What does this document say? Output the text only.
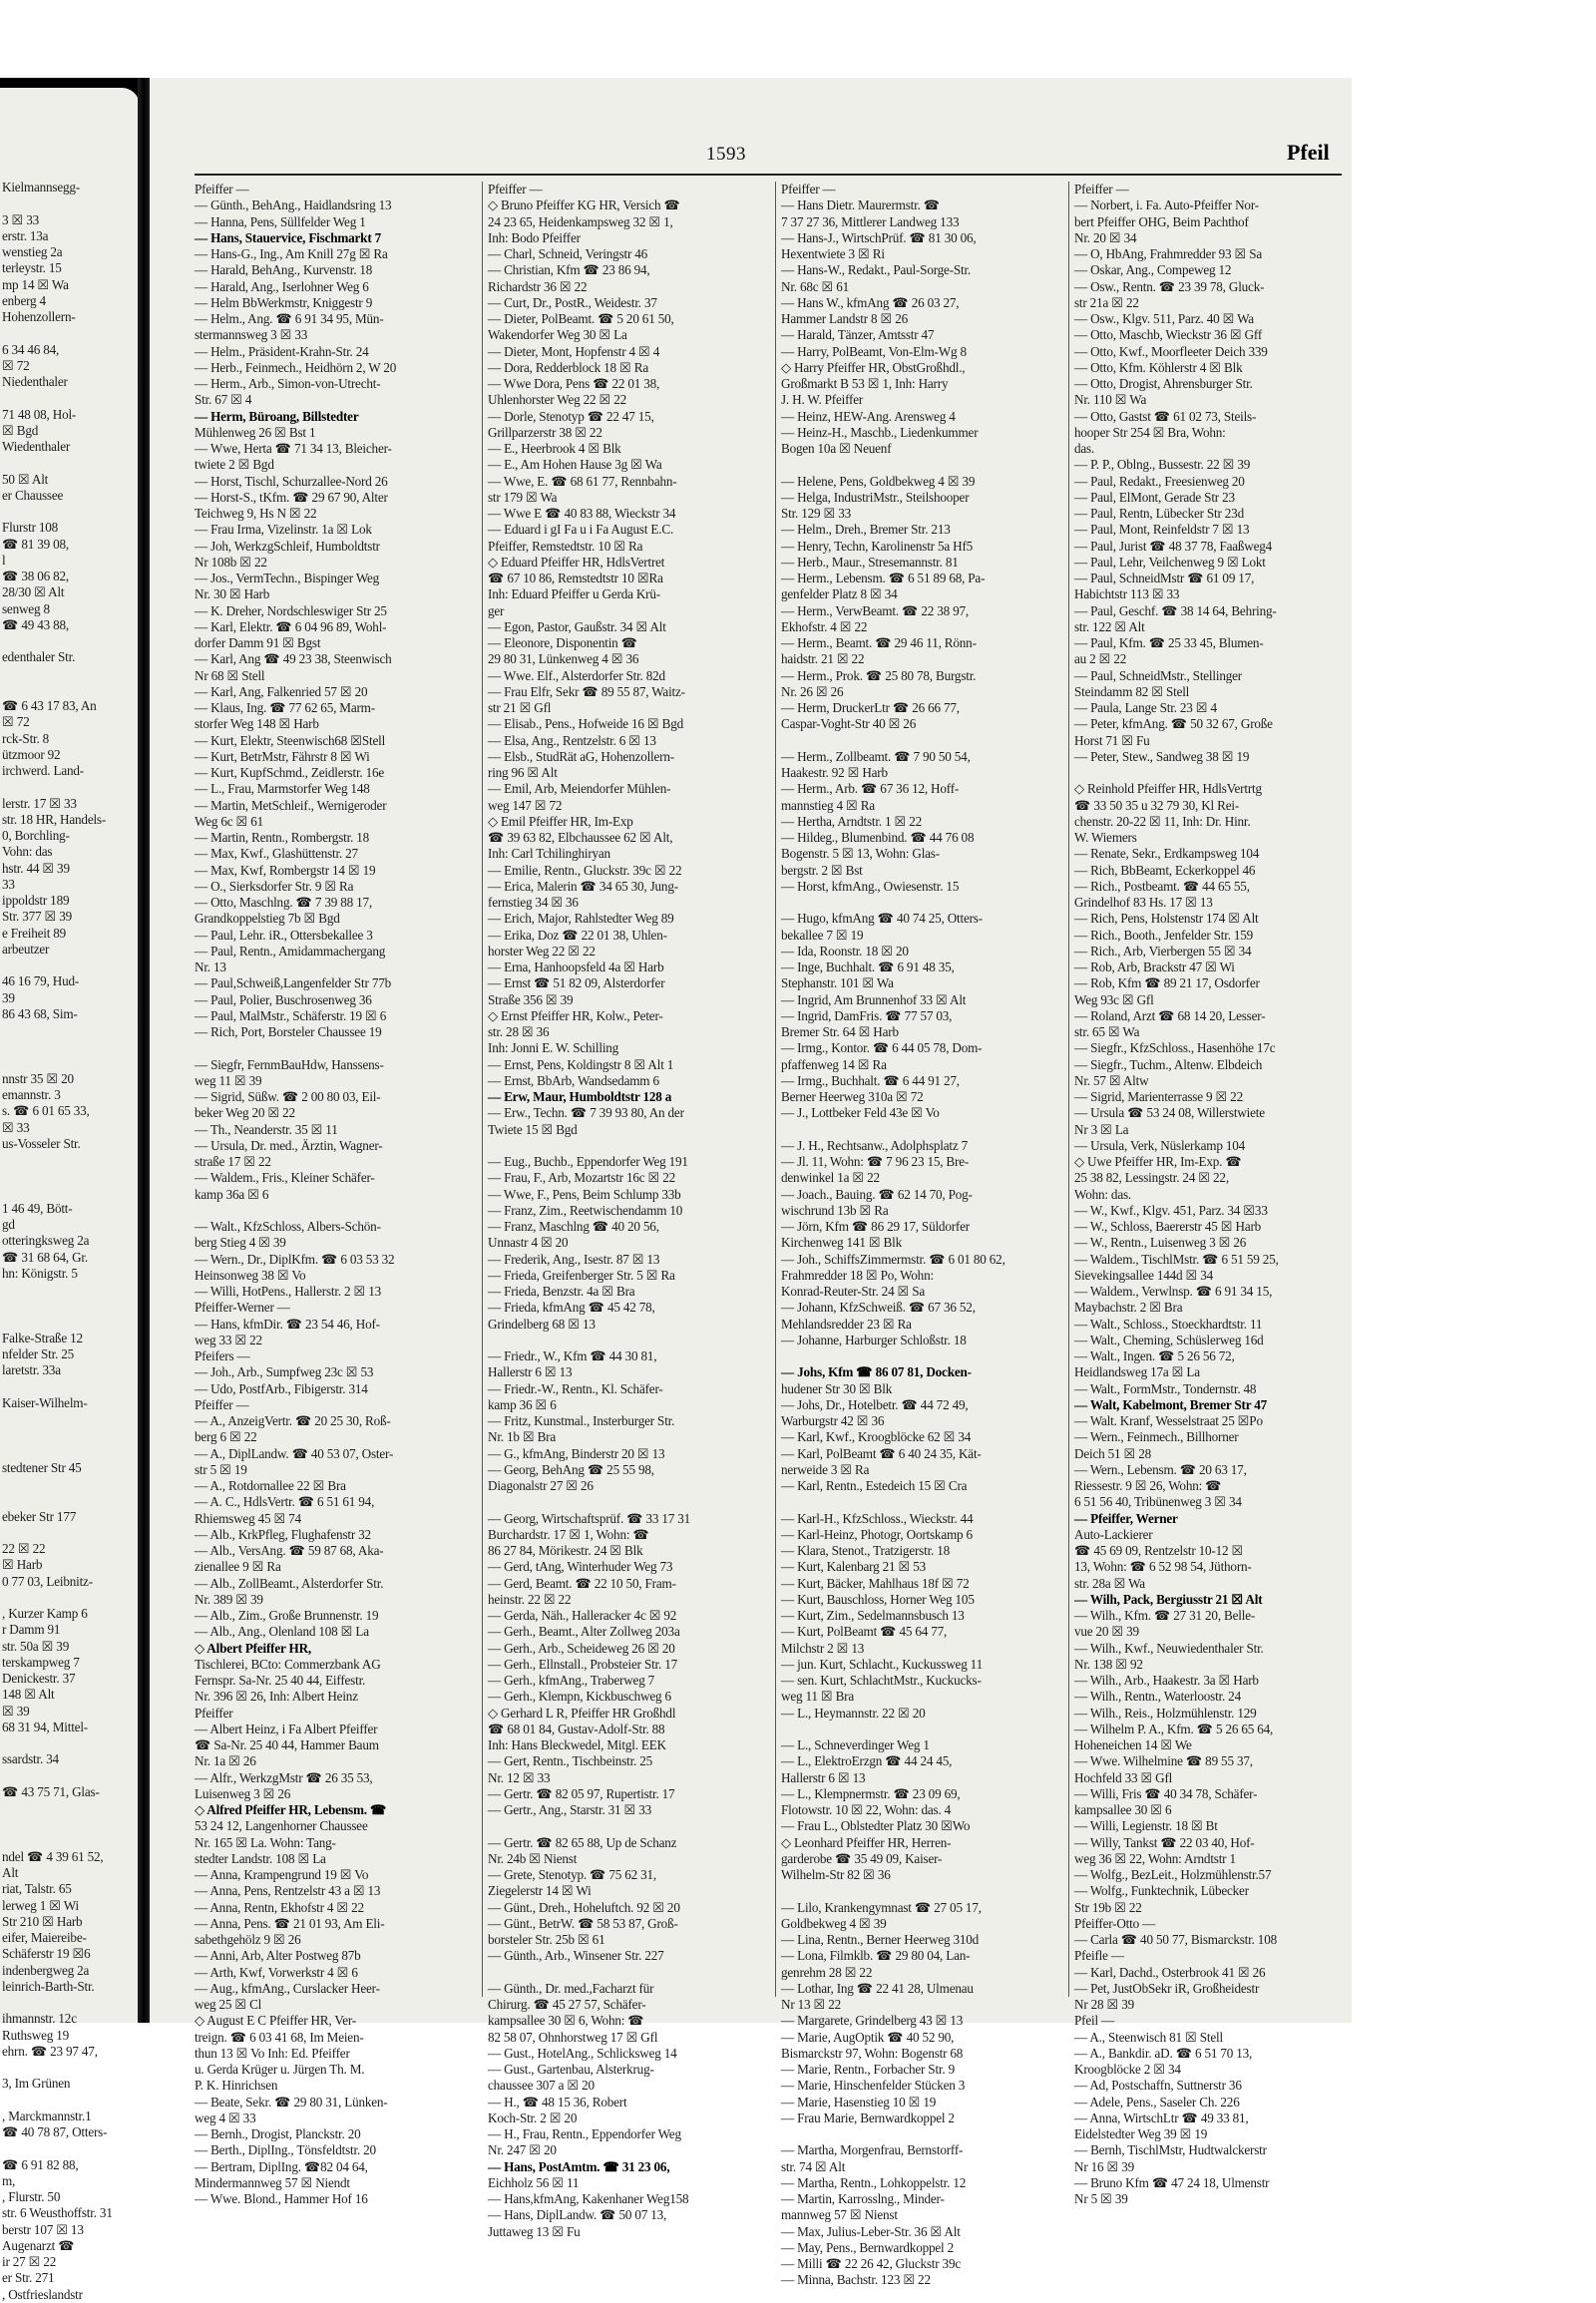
Kielmannsegg-

3 ☒ 33
erstr. 13a
wenstieg 2a
terleystr. 15
mp 14 ☒ Wa
enberg 4
Hohenzollern-

6 34 46 84,
☒ 72
Niedenthaler

71 48 08, Hol-
☒ Bgd
Wiedenthaler

50 ☒ Alt
er Chaussee

Flurstr 108
☎ 81 39 08,
l
☎ 38 06 82,
28/30 ☒ Alt
senweg 8
☎ 49 43 88,

edenthaler Str.

☎ 6 43 17 83, An
☒ 72
rck-Str. 8
ützmoor 92
irchwerd. Land-

lerstr. 17 ☒ 33
str. 18 HR, Handels-
0, Borchling-
Vohn: das
hstr. 44 ☒ 39
33
ippoldstr 189
Str. 377 ☒ 39
e Freiheit 89
arbeutzer

46 16 79, Hud-
39
86 43 68, Sim-

nnstr 35 ☒ 20
emannstr. 3
s. ☎ 6 01 65 33,
☒ 33
us-Vosseler Str.

1 46 49, Bött-
gd
otteringksweg 2a
☎ 31 68 64, Gr.
hn: Königstr. 5

Falke-Straße 12
nfelder Str. 25
laretstr. 33a

Kaiser-Wilhelm-

stedtener Str 45

ebeker Str 177

22 ☒ 22
☒ Harb
0 77 03, Leibnitz-

, Kurzer Kamp 6
r Damm 91
str. 50a ☒ 39
terskampweg 7
Denickestr. 37
148 ☒ Alt
☒ 39
68 31 94, Mittel-

ssardstr. 34

☎ 43 75 71, Glas-

ndel ☎ 4 39 61 52,
Alt
riat, Talstr. 65
lerweg 1 ☒ Wi
Str 210 ☒ Harb
eifer, Maiereibe-
Schäferstr 19 ☒6
indenbergweg 2a
leinrich-Barth-Str.

ihmannstr. 12c
Ruthsweg 19
ehrn. ☎ 23 97 47,

3, Im Grünen

, Marckmannstr.1
☎ 40 78 87, Otters-

☎ 6 91 82 88,
m,
, Flurstr. 50
str. 6 Weusthoffstr. 31
berstr 107 ☒ 13
Augenarzt ☎
ir 27 ☒ 22
er Str. 271
, Ostfrieslandstr
1593	Pfeil
Pfeiffer —
— Günth., BehAng., Haidlandsring 13
— Hanna, Pens, Süllfelder Weg 1
— Hans, Stauervice, Fischmarkt 7
— Hans-G., Ing., Am Knill 27g ☒ Ra
— Harald, BehAng., Kurvenstr. 18
— Harald, Ang., Iserlohner Weg 6
— Helm BbWerkmstr, Kniggestr 9
— Helm., Ang. ☎ 6 91 34 95, Mün-
stermannsweg 3 ☒ 33
— Helm., Präsident-Krahn-Str. 24
— Herb., Feinmech., Heidhörn 2, W 20
— Herm., Arb., Simon-von-Utrecht-
Str. 67 ☒ 4
— Herm, Büroang, Billstedter
Mühlenweg 26 ☒ Bst 1
— Wwe, Herta ☎ 71 34 13, Bleicher-
twiete 2 ☒ Bgd
— Horst, Tischl, Schurzallee-Nord 26
— Horst-S., tKfm. ☎ 29 67 90, Alter
Teichweg 9, Hs N ☒ 22
— Frau Irma, Vizelinstr. 1a ☒ Lok
— Joh, WerkzgSchleif, Humboldtstr
Nr 108b ☒ 22
— Jos., VermTechn., Bispinger Weg
Nr. 30 ☒ Harb
— K. Dreher, Nordschleswiger Str 25
— Karl, Elektr. ☎ 6 04 96 89, Wohl-
dorfer Damm 91 ☒ Bgst
— Karl, Ang ☎ 49 23 38, Steenwisch
Nr 68 ☒ Stell
— Karl, Ang, Falkenried 57 ☒ 20
— Klaus, Ing. ☎ 77 62 65, Marm-
storfer Weg 148 ☒ Harb
— Kurt, Elektr, Steenwisch68 ☒Stell
— Kurt, BetrMstr, Fährstr 8 ☒ Wi
— Kurt, KupfSchmd., Zeidlerstr. 16e
— L., Frau, Marmstorfer Weg 148
— Martin, MetSchleif., Wernigeroder
Weg 6c ☒ 61
— Martin, Rentn., Rombergstr. 18
— Max, Kwf., Glashüttenstr. 27
— Max, Kwf, Rombergstr 14 ☒ 19
— O., Sierksdorfer Str. 9 ☒ Ra
— Otto, Maschlng. ☎ 7 39 88 17,
Grandkoppelstieg 7b ☒ Bgd
— Paul, Lehr. iR., Ottersbekallee 3
— Paul, Rentn., Amidammachergang
Nr. 13
— Paul,Schweiß,Langenfelder Str 77b
— Paul, Polier, Buschrosenweg 36
— Paul, MalMstr., Schäferstr. 19 ☒ 6
— Rich, Port, Borsteler Chaussee 19

— Siegfr, FernmBauHdw, Hanssens-
weg 11 ☒ 39
— Sigrid, Süßw. ☎ 2 00 80 03, Eil-
beker Weg 20 ☒ 22
— Th., Neanderstr. 35 ☒ 11
— Ursula, Dr. med., Ärztin, Wagner-
straße 17 ☒ 22
— Waldem., Fris., Kleiner Schäfer-
kamp 36a ☒ 6

— Walt., KfzSchloss, Albers-Schön-
berg Stieg 4 ☒ 39
— Wern., Dr., DiplKfm. ☎ 6 03 53 32
Heinsonweg 38 ☒ Vo
— Willi, HotPens., Hallerstr. 2 ☒ 13
Pfeiffer-Werner —
— Hans, kfmDir. ☎ 23 54 46, Hof-
weg 33 ☒ 22
Pfeifers —
— Joh., Arb., Sumpfweg 23c ☒ 53
— Udo, PostfArb., Fibigerstr. 314
Pfeiffer —
— A., AnzeigVertr. ☎ 20 25 30, Roß-
berg 6 ☒ 22
— A., DiplLandw. ☎ 40 53 07, Oster-
str 5 ☒ 19
— A., Rotdornallee 22 ☒ Bra
— A. C., HdlsVertr. ☎ 6 51 61 94,
Rhiemsweg 45 ☒ 74
— Alb., KrkPfleg, Flughafenstr 32
— Alb., VersAng. ☎ 59 87 68, Aka-
zienallee 9 ☒ Ra
— Alb., ZollBeamt., Alsterdorfer Str.
Nr. 389 ☒ 39
— Alb., Zim., Große Brunnenstr. 19
— Alb., Ang., Olenland 108 ☒ La
◇ Albert Pfeiffer HR,
Tischlerei, BCto: Commerzbank AG
Fernspr. Sa-Nr. 25 40 44, Eiffestr.
Nr. 396 ☒ 26, Inh: Albert Heinz
Pfeiffer
— Albert Heinz, i Fa Albert Pfeiffer
☎ Sa-Nr. 25 40 44, Hammer Baum
Nr. 1a ☒ 26
— Alfr., WerkzgMstr ☎ 26 35 53,
Luisenweg 3 ☒ 26
◇ Alfred Pfeiffer HR, Lebensm. ☎
53 24 12, Langenhorner Chaussee
Nr. 165 ☒ La. Wohn: Tang-
stedter Landstr. 108 ☒ La
— Anna, Krampengrund 19 ☒ Vo
— Anna, Pens, Rentzelstr 43 a ☒ 13
— Anna, Rentn, Ekhofstr 4 ☒ 22
— Anna, Pens. ☎ 21 01 93, Am Eli-
sabethgehölz 9 ☒ 26
— Anni, Arb, Alter Postweg 87b
— Arth, Kwf, Vorwerkstr 4 ☒ 6
— Aug., kfmAng., Curslacker Heer-
weg 25 ☒ Cl
◇ August E C Pfeiffer HR, Ver-
treign. ☎ 6 03 41 68, Im Meien-
thun 13 ☒ Vo Inh: Ed. Pfeiffer
u. Gerda Krüger u. Jürgen Th. M.
P. K. Hinrichsen
— Beate, Sekr. ☎ 29 80 31, Lünken-
weg 4 ☒ 33
— Bernh., Drogist, Planckstr. 20
— Berth., DiplIng., Tönsfeldtstr. 20
— Bertram, DiplIng. ☎82 04 64,
Mindermannweg 57 ☒ Niendt
— Wwe. Blond., Hammer Hof 16
Pfeiffer —
◇ Bruno Pfeiffer KG HR, Versich ☎
24 23 65, Heidenkampsweg 32 ☒ 1,
Inh: Bodo Pfeiffer
— Charl, Schneid, Veringstr 46
— Christian, Kfm ☎ 23 86 94,
Richardstr 36 ☒ 22
— Curt, Dr., PostR., Weidestr. 37
— Dieter, PolBeamt. ☎ 5 20 61 50,
Wakendorfer Weg 30 ☒ La
— Dieter, Mont, Hopfenstr 4 ☒ 4
— Dora, Redderblock 18 ☒ Ra
— Wwe Dora, Pens ☎ 22 01 38,
Uhlenhorster Weg 22 ☒ 22
— Dorle, Stenotyp ☎ 22 47 15,
Grillparzerstr 38 ☒ 22
— E., Heerbrook 4 ☒ Blk
— E., Am Hohen Hause 3g ☒ Wa
— Wwe, E. ☎ 68 61 77, Rennbahn-
str 179 ☒ Wa
— Wwe E ☎ 40 83 88, Wieckstr 34
— Eduard i gI Fa u i Fa August E.C.
Pfeiffer, Remstedtstr. 10 ☒ Ra
◇ Eduard Pfeiffer HR, HdlsVertret
☎ 67 10 86, Remstedtstr 10 ☒Ra
Inh: Eduard Pfeiffer u Gerda Krü-
ger
— Egon, Pastor, Gaußstr. 34 ☒ Alt
— Eleonore, Disponentin ☎
29 80 31, Lünkenweg 4 ☒ 36
— Wwe. Elf., Alsterdorfer Str. 82d
— Frau Elfr, Sekr ☎ 89 55 87, Waitz-
str 21 ☒ Gfl
— Elisab., Pens., Hofweide 16 ☒ Bgd
— Elsa, Ang., Rentzelstr. 6 ☒ 13
— Elsb., StudRät aG, Hohenzollern-
ring 96 ☒ Alt
— Emil, Arb, Meiendorfer Mühlen-
weg 147 ☒ 72
◇ Emil Pfeiffer HR, Im-Exp
☎ 39 63 82, Elbchaussee 62 ☒ Alt,
Inh: Carl Tchilinghiryan
— Emilie, Rentn., Gluckstr. 39c ☒ 22
— Erica, Malerin ☎ 34 65 30, Jung-
fernstieg 34 ☒ 36
— Erich, Major, Rahlstedter Weg 89
— Erika, Doz ☎ 22 01 38, Uhlen-
horster Weg 22 ☒ 22
— Erna, Hanhoopsfeld 4a ☒ Harb
— Ernst ☎ 51 82 09, Alsterdorfer
Straße 356 ☒ 39
◇ Ernst Pfeiffer HR, Kolw., Peter-
str. 28 ☒ 36
Inh: Jonni E. W. Schilling
— Ernst, Pens, Koldingstr 8 ☒ Alt 1
— Ernst, BbArb, Wandsedamm 6
— Erw, Maur, Humboldtstr 128 a
— Erw., Techn. ☎ 7 39 93 80, An der
Twiete 15 ☒ Bgd

— Eug., Buchb., Eppendorfer Weg 191
— Frau, F., Arb, Mozartstr 16c ☒ 22
— Wwe, F., Pens, Beim Schlump 33b
— Franz, Zim., Reetwischendamm 10
— Franz, Maschlng ☎ 40 20 56,
Unnastr 4 ☒ 20
— Frederik, Ang., Isestr. 87 ☒ 13
— Frieda, Greifenberger Str. 5 ☒ Ra
— Frieda, Benzstr. 4a ☒ Bra
— Frieda, kfmAng ☎ 45 42 78,
Grindelberg 68 ☒ 13

— Friedr., W., Kfm ☎ 44 30 81,
Hallerstr 6 ☒ 13
— Friedr.-W., Rentn., Kl. Schäfer-
kamp 36 ☒ 6
— Fritz, Kunstmal., Insterburger Str.
Nr. 1b ☒ Bra
— G., kfmAng, Binderstr 20 ☒ 13
— Georg, BehAng ☎ 25 55 98,
Diagonalstr 27 ☒ 26

— Georg, Wirtschaftsprüf. ☎ 33 17 31
Burchardstr. 17 ☒ 1, Wohn: ☎
86 27 84, Mörikestr. 24 ☒ Blk
— Gerd, tAng, Winterhuder Weg 73
— Gerd, Beamt. ☎ 22 10 50, Fram-
heinstr. 22 ☒ 22
— Gerda, Näh., Halleracker 4c ☒ 92
— Gerh., Beamt., Alter Zollweg 203a
— Gerh., Arb., Scheideweg 26 ☒ 20
— Gerh., Ellnstall., Probsteier Str. 17
— Gerh., kfmAng., Traberweg 7
— Gerh., Klempn, Kickbuschweg 6
◇ Gerhard L R, Pfeiffer HR Großhdl
☎ 68 01 84, Gustav-Adolf-Str. 88
Inh: Hans Bleckwedel, Mitgl. EEK
— Gert, Rentn., Tischbeinstr. 25
Nr. 12 ☒ 33
— Gertr. ☎ 82 05 97, Rupertistr. 17
— Gertr., Ang., Starstr. 31 ☒ 33

— Gertr. ☎ 82 65 88, Up de Schanz
Nr. 24b ☒ Nienst
— Grete, Stenotyp. ☎ 75 62 31,
Ziegelerstr 14 ☒ Wi
— Günt., Dreh., Hoheluftch. 92 ☒ 20
— Günt., BetrW. ☎ 58 53 87, Groß-
borsteler Str. 25b ☒ 61
— Günth., Arb., Winsener Str. 227

— Günth., Dr. med.,Facharzt für
Chirurg. ☎ 45 27 57, Schäfer-
kampsallee 30 ☒ 6, Wohn: ☎
82 58 07, Ohnhorstweg 17 ☒ Gfl
— Gust., HotelAng., Schlicksweg 14
— Gust., Gartenbau, Alsterkrug-
chaussee 307 a ☒ 20
— H., ☎ 48 15 36, Robert
Koch-Str. 2 ☒ 20
— H., Frau, Rentn., Eppendorfer Weg
Nr. 247 ☒ 20
— Hans, PostAmtm. ☎ 31 23 06,
Eichholz 56 ☒ 11
— Hans,kfmAng, Kakenhaner Weg158
— Hans, DiplLandw. ☎ 50 07 13,
Juttaweg 13 ☒ Fu
Pfeiffer —
— Hans Dietr. Maurermstr. ☎
7 37 27 36, Mittlerer Landweg 133
— Hans-J., WirtschPrüf. ☎ 81 30 06,
Hexentwiete 3 ☒ Ri
— Hans-W., Redakt., Paul-Sorge-Str.
Nr. 68c ☒ 61
— Hans W., kfmAng ☎ 26 03 27,
Hammer Landstr 8 ☒ 26
— Harald, Tänzer, Amtsstr 47
— Harry, PolBeamt, Von-Elm-Wg 8
◇ Harry Pfeiffer HR, ObstGroßhdl.,
Großmarkt B 53 ☒ 1, Inh: Harry
J. H. W. Pfeiffer
— Heinz, HEW-Ang. Arensweg 4
— Heinz-H., Maschb., Liedenkummer
Bogen 10a ☒ Neuenf

— Helene, Pens, Goldbekweg 4 ☒ 39
— Helga, IndustriMstr., Steilshooper
Str. 129 ☒ 33
— Helm., Dreh., Bremer Str. 213
— Henry, Techn, Karolinenstr 5a Hf5
— Herb., Maur., Stresemannstr. 81
— Herm., Lebensm. ☎ 6 51 89 68, Pa-
genfelder Platz 8 ☒ 34
— Herm., VerwBeamt. ☎ 22 38 97,
Ekhofstr. 4 ☒ 22
— Herm., Beamt. ☎ 29 46 11, Rönn-
haidstr. 21 ☒ 22
— Herm., Prok. ☎ 25 80 78, Burgstr.
Nr. 26 ☒ 26
— Herm, DruckerLtr ☎ 26 66 77,
Caspar-Voght-Str 40 ☒ 26

— Herm., Zollbeamt. ☎ 7 90 50 54,
Haakestr. 92 ☒ Harb
— Herm., Arb. ☎ 67 36 12, Hoff-
mannstieg 4 ☒ Ra
— Hertha, Arndtstr. 1 ☒ 22
— Hildeg., Blumenbind. ☎ 44 76 08
Bogenstr. 5 ☒ 13, Wohn: Glas-
bergstr. 2 ☒ Bst
— Horst, kfmAng., Owiesenstr. 15

— Hugo, kfmAng ☎ 40 74 25, Otters-
bekallee 7 ☒ 19
— Ida, Roonstr. 18 ☒ 20
— Inge, Buchhalt. ☎ 6 91 48 35,
Stephanstr. 101 ☒ Wa
— Ingrid, Am Brunnenhof 33 ☒ Alt
— Ingrid, DamFris. ☎ 77 57 03,
Bremer Str. 64 ☒ Harb
— Irmg., Kontor. ☎ 6 44 05 78, Dom-
pfaffenweg 14 ☒ Ra
— Irmg., Buchhalt. ☎ 6 44 91 27,
Berner Heerweg 310a ☒ 72
— J., Lottbeker Feld 43e ☒ Vo

— J. H., Rechtsanw., Adolphsplatz 7
— Jl. 11, Wohn: ☎ 7 96 23 15, Bre-
denwinkel 1a ☒ 22
— Joach., Bauing. ☎ 62 14 70, Pog-
wischrund 13b ☒ Ra
— Jörn, Kfm ☎ 86 29 17, Süldorfer
Kirchenweg 141 ☒ Blk
— Joh., SchiffsZimmermstr. ☎ 6 01 80 62,
Frahmredder 18 ☒ Po, Wohn:
Konrad-Reuter-Str. 24 ☒ Sa
— Johann, KfzSchweiß. ☎ 67 36 52,
Mehlandsredder 23 ☒ Ra
— Johanne, Harburger Schloßstr. 18

— Johs, Kfm ☎ 86 07 81, Docken-
hudener Str 30 ☒ Blk
— Johs, Dr., Hotelbetr. ☎ 44 72 49,
Warburgstr 42 ☒ 36
— Karl, Kwf., Kroogblöcke 62 ☒ 34
— Karl, PolBeamt ☎ 6 40 24 35, Kät-
nerweide 3 ☒ Ra
— Karl, Rentn., Estedeich 15 ☒ Cra

— Karl-H., KfzSchloss., Wieckstr. 44
— Karl-Heinz, Photogr, Oortskamp 6
— Klara, Stenot., Tratzigerstr. 18
— Kurt, Kalenbarg 21 ☒ 53
— Kurt, Bäcker, Mahlhaus 18f ☒ 72
— Kurt, Bauschloss, Horner Weg 105
— Kurt, Zim., Sedelmannsbusch 13
— Kurt, PolBeamt ☎ 45 64 77,
Milchstr 2 ☒ 13
— jun. Kurt, Schlacht., Kuckussweg 11
— sen. Kurt, SchlachtMstr., Kuckucks-
weg 11 ☒ Bra
— L., Heymannstr. 22 ☒ 20

— L., Schneverdinger Weg 1
— L., ElektroErzgn ☎ 44 24 45,
Hallerstr 6 ☒ 13
— L., Klempnermstr. ☎ 23 09 69,
Flotowstr. 10 ☒ 22, Wohn: das. 4
— Frau L., Oblstedter Platz 30 ☒Wo
◇ Leonhard Pfeiffer HR, Herren-
garderobe ☎ 35 49 09, Kaiser-
Wilhelm-Str 82 ☒ 36

— Lilo, Krankengymnast ☎ 27 05 17,
Goldbekweg 4 ☒ 39
— Lina, Rentn., Berner Heerweg 310d
— Lona, Filmklb. ☎ 29 80 04, Lan-
genrehm 28 ☒ 22
— Lothar, Ing ☎ 22 41 28, Ulmenau
Nr 13 ☒ 22
— Margarete, Grindelberg 43 ☒ 13
— Marie, AugOptik ☎ 40 52 90,
Bismarckstr 97, Wohn: Bogenstr 68
— Marie, Rentn., Forbacher Str. 9
— Marie, Hinschenfelder Stücken 3
— Marie, Hasenstieg 10 ☒ 19
— Frau Marie, Bernwardkoppel 2

— Martha, Morgenfrau, Bernstorff-
str. 74 ☒ Alt
— Martha, Rentn., Lohkoppelstr. 12
— Martin, Karrosslng., Minder-
mannweg 57 ☒ Nienst
— Max, Julius-Leber-Str. 36 ☒ Alt
— May, Pens., Bernwardkoppel 2
— Milli ☎ 22 26 42, Gluckstr 39c
— Minna, Bachstr. 123 ☒ 22
Pfeiffer —
— Norbert, i. Fa. Auto-Pfeiffer Nor-
bert Pfeiffer OHG, Beim Pachthof
Nr. 20 ☒ 34
— O, HbAng, Frahmredder 93 ☒ Sa
— Oskar, Ang., Compeweg 12
— Osw., Rentn. ☎ 23 39 78, Gluck-
str 21a ☒ 22
— Osw., Klgv. 511, Parz. 40 ☒ Wa
— Otto, Maschb, Wieckstr 36 ☒ Gff
— Otto, Kwf., Moorfleeter Deich 339
— Otto, Kfm. Köhlerstr 4 ☒ Blk
— Otto, Drogist, Ahrensburger Str.
Nr. 110 ☒ Wa
— Otto, Gastst ☎ 61 02 73, Steils-
hooper Str 254 ☒ Bra, Wohn:
das.
— P. P., Oblng., Bussestr. 22 ☒ 39
— Paul, Redakt., Freesienweg 20
— Paul, ElMont, Gerade Str 23
— Paul, Rentn, Lübecker Str 23d
— Paul, Mont, Reinfeldstr 7 ☒ 13
— Paul, Jurist ☎ 48 37 78, Faaßweg4
— Paul, Lehr, Veilchenweg 9 ☒ Lokt
— Paul, SchneidMstr ☎ 61 09 17,
Habichtstr 113 ☒ 33
— Paul, Geschf. ☎ 38 14 64, Behring-
str. 122 ☒ Alt
— Paul, Kfm. ☎ 25 33 45, Blumen-
au 2 ☒ 22
— Paul, SchneidMstr., Stellinger
Steindamm 82 ☒ Stell
— Paula, Lange Str. 23 ☒ 4
— Peter, kfmAng. ☎ 50 32 67, Große
Horst 71 ☒ Fu
— Peter, Stew., Sandweg 38 ☒ 19

◇ Reinhold Pfeiffer HR, HdlsVertrtg
☎ 33 50 35 u 32 79 30, Kl Rei-
chenstr. 20-22 ☒ 11, Inh: Dr. Hinr.
W. Wiemers
— Renate, Sekr., Erdkampsweg 104
— Rich, BbBeamt, Eckerkoppel 46
— Rich., Postbeamt. ☎ 44 65 55,
Grindelhof 83 Hs. 17 ☒ 13
— Rich, Pens, Holstenstr 174 ☒ Alt
— Rich., Booth., Jenfelder Str. 159
— Rich., Arb, Vierbergen 55 ☒ 34
— Rob, Arb, Brackstr 47 ☒ Wi
— Rob, Kfm ☎ 89 21 17, Osdorfer
Weg 93c ☒ Gfl
— Roland, Arzt ☎ 68 14 20, Lesser-
str. 65 ☒ Wa
— Siegfr., KfzSchloss., Hasenhöhe 17c
— Siegfr., Tuchm., Altenw. Elbdeich
Nr. 57 ☒ Altw
— Sigrid, Marienterrasse 9 ☒ 22
— Ursula ☎ 53 24 08, Willerstwiete
Nr 3 ☒ La
— Ursula, Verk, Nüslerkamp 104
◇ Uwe Pfeiffer HR, Im-Exp. ☎
25 38 82, Lessingstr. 24 ☒ 22,
Wohn: das.
— W., Kwf., Klgv. 451, Parz. 34 ☒33
— W., Schloss, Baererstr 45 ☒ Harb
— W., Rentn., Luisenweg 3 ☒ 26
— Waldem., TischlMstr. ☎ 6 51 59 25,
Sievekingsallee 144d ☒ 34
— Waldem., Verwlnsp. ☎ 6 91 34 15,
Maybachstr. 2 ☒ Bra
— Walt., Schloss., Stoeckhardtstr. 11
— Walt., Cheming, Schüslerweg 16d
— Walt., Ingen. ☎ 5 26 56 72,
Heidlandsweg 17a ☒ La
— Walt., FormMstr., Tondernstr. 48
— Walt, Kabelmont, Bremer Str 47
— Walt. Kranf, Wesselstraat 25 ☒Po
— Wern., Feinmech., Billhorner
Deich 51 ☒ 28
— Wern., Lebensm. ☎ 20 63 17,
Riessestr. 9 ☒ 26, Wohn: ☎
6 51 56 40, Tribünenweg 3 ☒ 34
— Pfeiffer, Werner
Auto-Lackierer
☎ 45 69 09, Rentzelstr 10-12 ☒
13, Wohn: ☎ 6 52 98 54, Jüthorn-
str. 28a ☒ Wa
— Wilh, Pack, Bergiusstr 21 ☒ Alt
— Wilh., Kfm. ☎ 27 31 20, Belle-
vue 20 ☒ 39
— Wilh., Kwf., Neuwiedenthaler Str.
Nr. 138 ☒ 92
— Wilh., Arb., Haakestr. 3a ☒ Harb
— Wilh., Rentn., Waterloostr. 24
— Wilh., Reis., Holzmühlenstr. 129
— Wilhelm P. A., Kfm. ☎ 5 26 65 64,
Hoheneichen 14 ☒ We
— Wwe. Wilhelmine ☎ 89 55 37,
Hochfeld 33 ☒ Gfl
— Willi, Fris ☎ 40 34 78, Schäfer-
kampsallee 30 ☒ 6
— Willi, Legienstr. 18 ☒ Bt
— Willy, Tankst ☎ 22 03 40, Hof-
weg 36 ☒ 22, Wohn: Arndtstr 1
— Wolfg., BezLeit., Holzmühlenstr.57
— Wolfg., Funktechnik, Lübecker
Str 19b ☒ 22
Pfeiffer-Otto —
— Carla ☎ 40 50 77, Bismarckstr. 108
Pfeifle —
— Karl, Dachd., Osterbrook 41 ☒ 26
— Pet, JustObSekr iR, Großheidestr
Nr 28 ☒ 39
Pfeil —
— A., Steenwisch 81 ☒ Stell
— A., Bankdir. aD. ☎ 6 51 70 13,
Kroogblöcke 2 ☒ 34
— Ad, Postschaffn, Suttnerstr 36
— Adele, Pens., Saseler Ch. 226
— Anna, WirtschLtr ☎ 49 33 81,
Eidelstedter Weg 39 ☒ 19
— Bernh, TischlMstr, Hudtwalckerstr
Nr 16 ☒ 39
— Bruno Kfm ☎ 47 24 18, Ulmenstr
Nr 5 ☒ 39
